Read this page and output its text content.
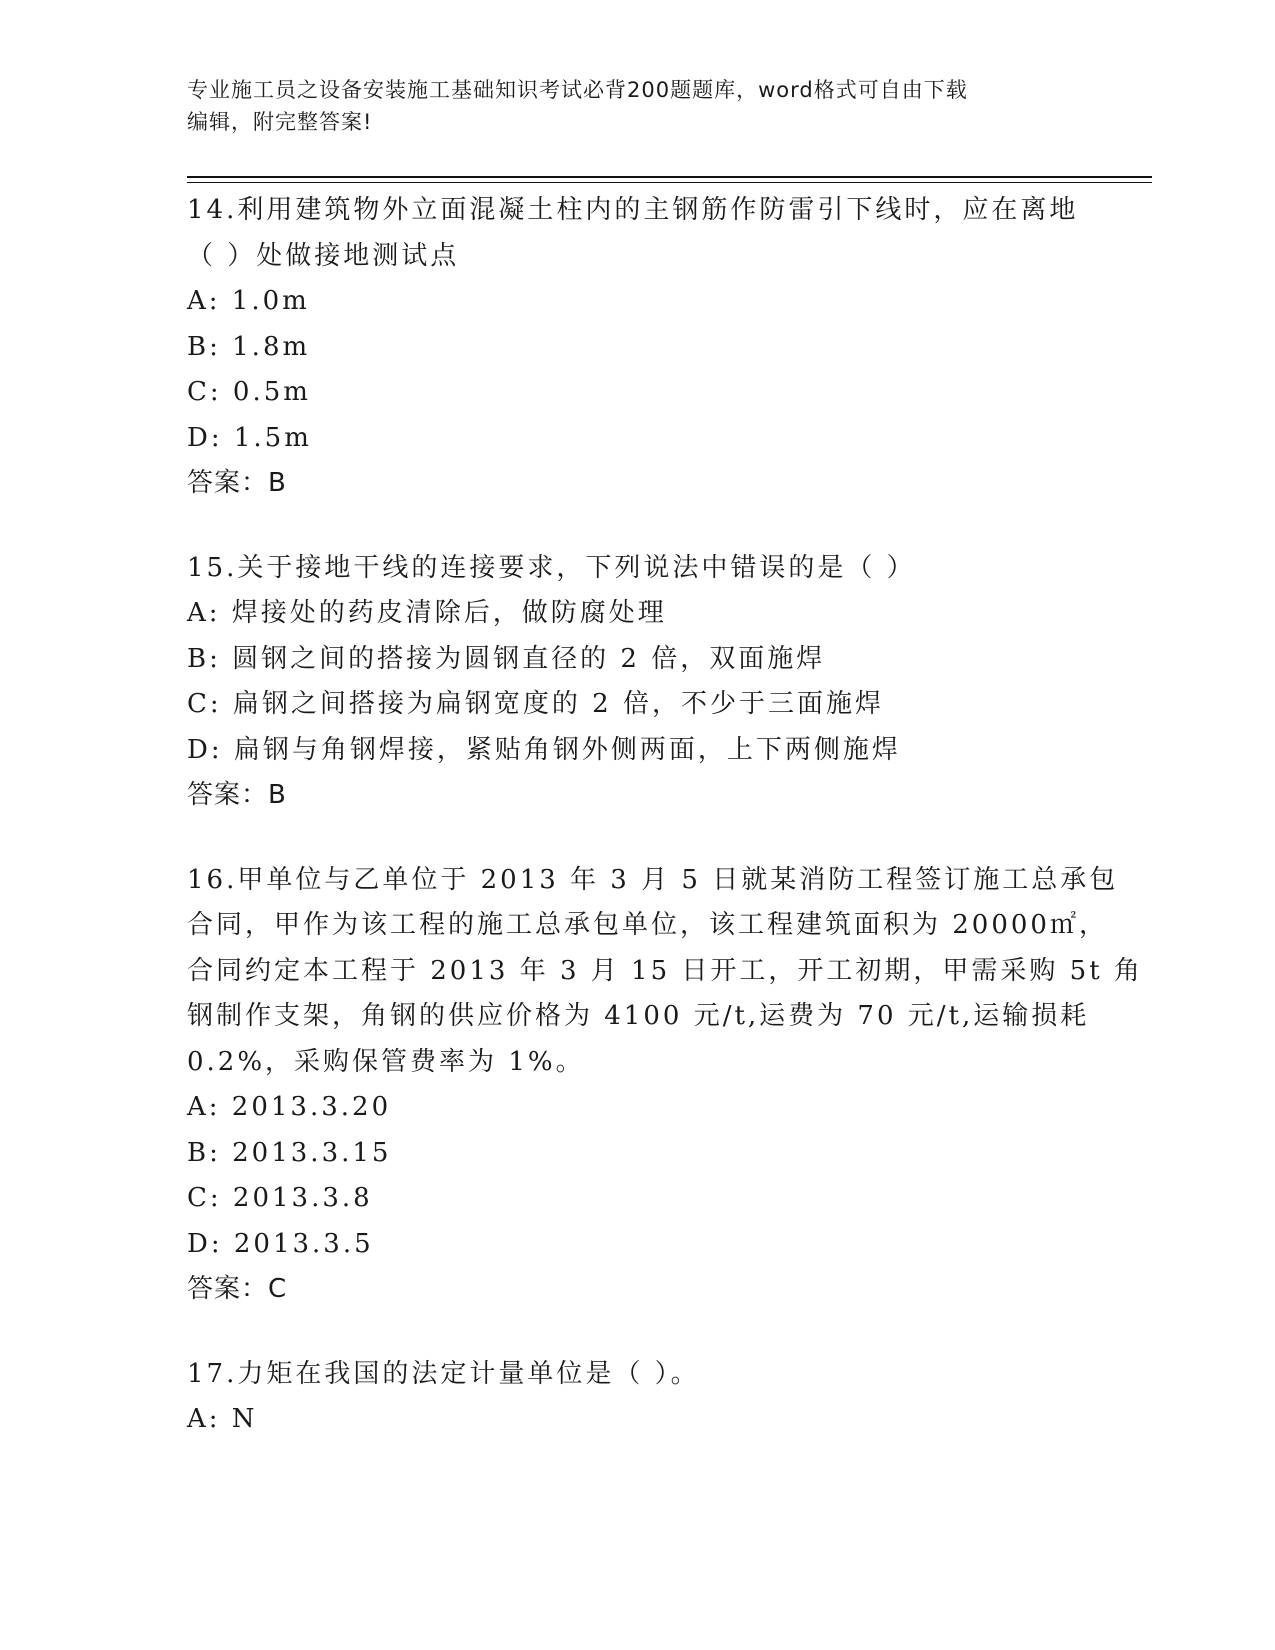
专业施工员之设备安装施工基础知识考试必背200题题库，word格式可自由下载
编辑，附完整答案!
14.利用建筑物外立面混凝土柱内的主钢筋作防雷引下线时，应在离地
（ ）处做接地测试点
A: 1.0m
B: 1.8m
C: 0.5m
D: 1.5m
答案：B
15.关于接地干线的连接要求，下列说法中错误的是（ ）
A: 焊接处的药皮清除后，做防腐处理
B: 圆钢之间的搭接为圆钢直径的 2 倍，双面施焊
C: 扁钢之间搭接为扁钢宽度的 2 倍，不少于三面施焊
D: 扁钢与角钢焊接，紧贴角钢外侧两面，上下两侧施焊
答案：B
16.甲单位与乙单位于 2013 年 3 月 5 日就某消防工程签订施工总承包
合同，甲作为该工程的施工总承包单位，该工程建筑面积为 20000㎡，
合同约定本工程于 2013 年 3 月 15 日开工，开工初期，甲需采购 5t 角
钢制作支架，角钢的供应价格为 4100 元/t,运费为 70 元/t,运输损耗
0.2%，采购保管费率为 1%。
A: 2013.3.20
B: 2013.3.15
C: 2013.3.8
D: 2013.3.5
答案：C
17.力矩在我国的法定计量单位是（ ）。
A: N
